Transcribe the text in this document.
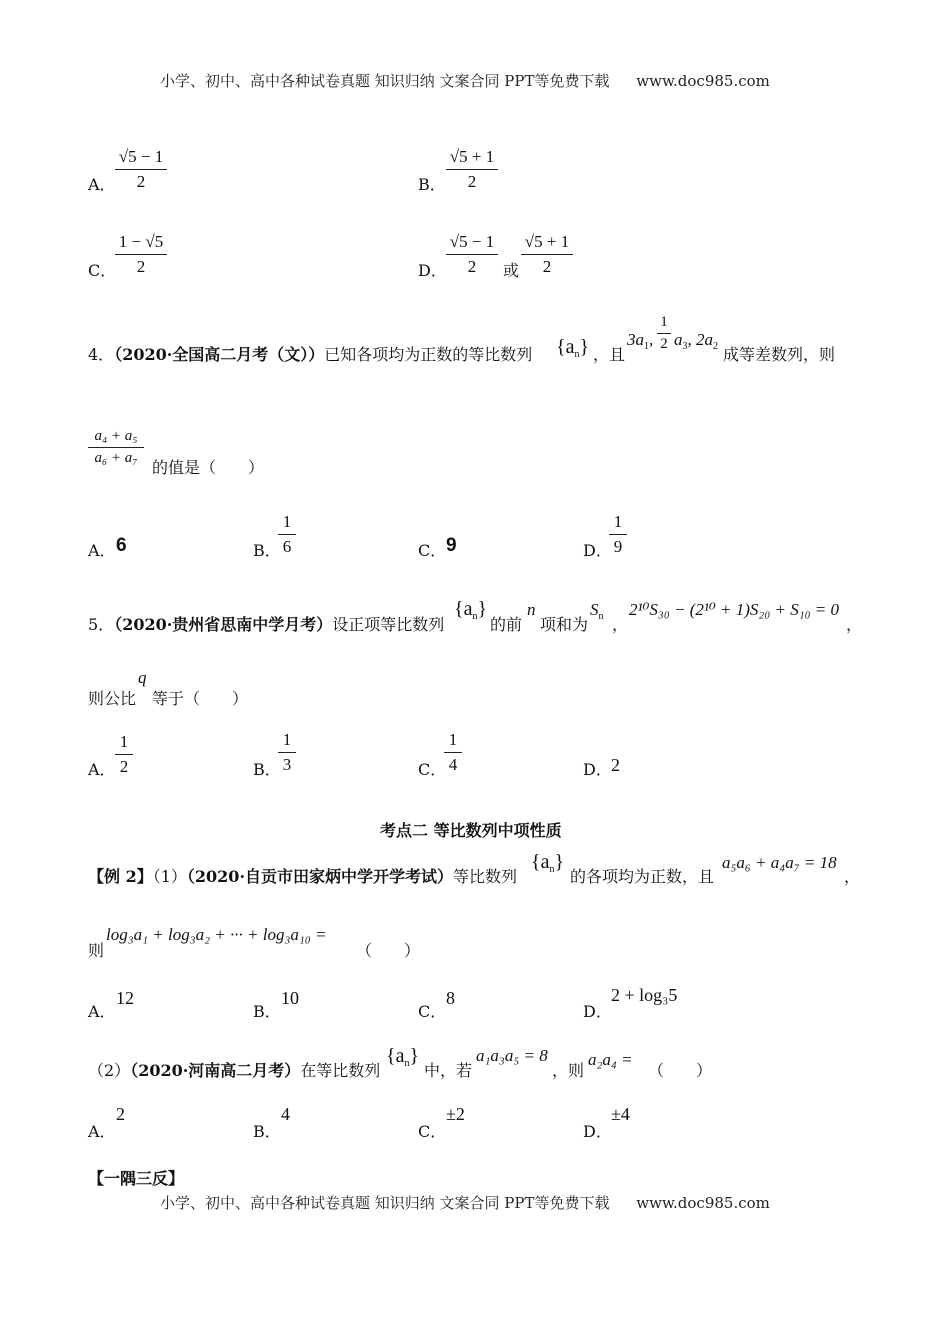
小学、初中、高中各种试卷真题 知识归纳 文案合同 PPT等免费下载 www.doc985.com
A． $\frac{√5 - 1}{2}$	B． $\frac{√5 + 1}{2}$
C．
$\frac{1 - √5}{2}$	D． $\frac{√5 - 1}{2}$ 或 $\frac{√5 + 1}{2}$
4．（2020·全国高二月考（文））已知各项均为正数的等比数列 $\{a_n\}$ ，且
$3a_1$, $\frac{1}{2} a_3$, $2a_2$ 成等差数列，则
$\frac{\text{a₄ + a₅}}{\text{a₆ + a₇}}$
的值是（　　）
A． 6	B．
$\frac{1}{6}$	C． 9	D．
$\frac{1}{9}$
5．（2020·贵州省思南中学月考）设正项等比数列
$\{a_n\}$
的前
n
项和为
$S_n$ ，
2¹⁰S₃₀ − (2¹⁰ + 1)S₂₀ + S₁₀ = 0
，
则公比
q
等于（　　）
A． $\frac{1}{2}$	B．
$\frac{1}{3}$	C．
$\frac{1}{4}$	D． 2
考点二 等比数列中项性质
【例 2】（1）（2020·自贡市田家炳中学开学考试）等比数列
$\{a_n\}$
的各项均为正数，且
a₅a₆ + a₄a₇ = 18
，
则
log₃a₁ + log₃a₂ + ··· + log₃a₁₀ =
（　　）
A．
12
B．
10
C．
8
D．
2 + log₃5
（2）（2020·河南高二月考）在等比数列
$\{a_n\}$
中，若
a₁a₃a₅ = 8
，则
a₂a₄ =
（　　）
A．
2
B．
4
C．
±2
D．
±4
【一隅三反】
小学、初中、高中各种试卷真题 知识归纳 文案合同 PPT等免费下载 www.doc985.com
